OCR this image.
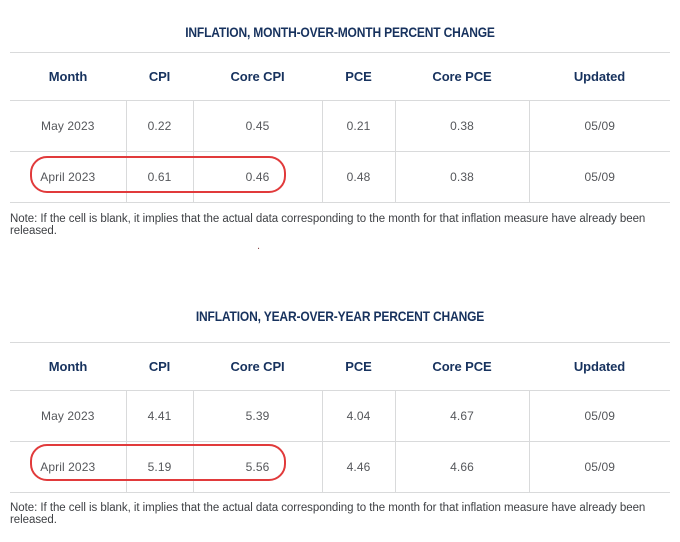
INFLATION, MONTH-OVER-MONTH PERCENT CHANGE
Month	CPI	Core CPI	PCE	Core PCE	Updated
May 2023	0.22	0.45	0.21	0.38	05/09
April 2023	0.61	0.46	0.48	0.38	05/09

Note: If the cell is blank, it implies that the actual data corresponding to the month for that inflation measure have already been released.

.
INFLATION, YEAR-OVER-YEAR PERCENT CHANGE
Month	CPI	Core CPI	PCE	Core PCE	Updated
May 2023	4.41	5.39	4.04	4.67	05/09
April 2023	5.19	5.56	4.46	4.66	05/09

Note: If the cell is blank, it implies that the actual data corresponding to the month for that inflation measure have already been released.
